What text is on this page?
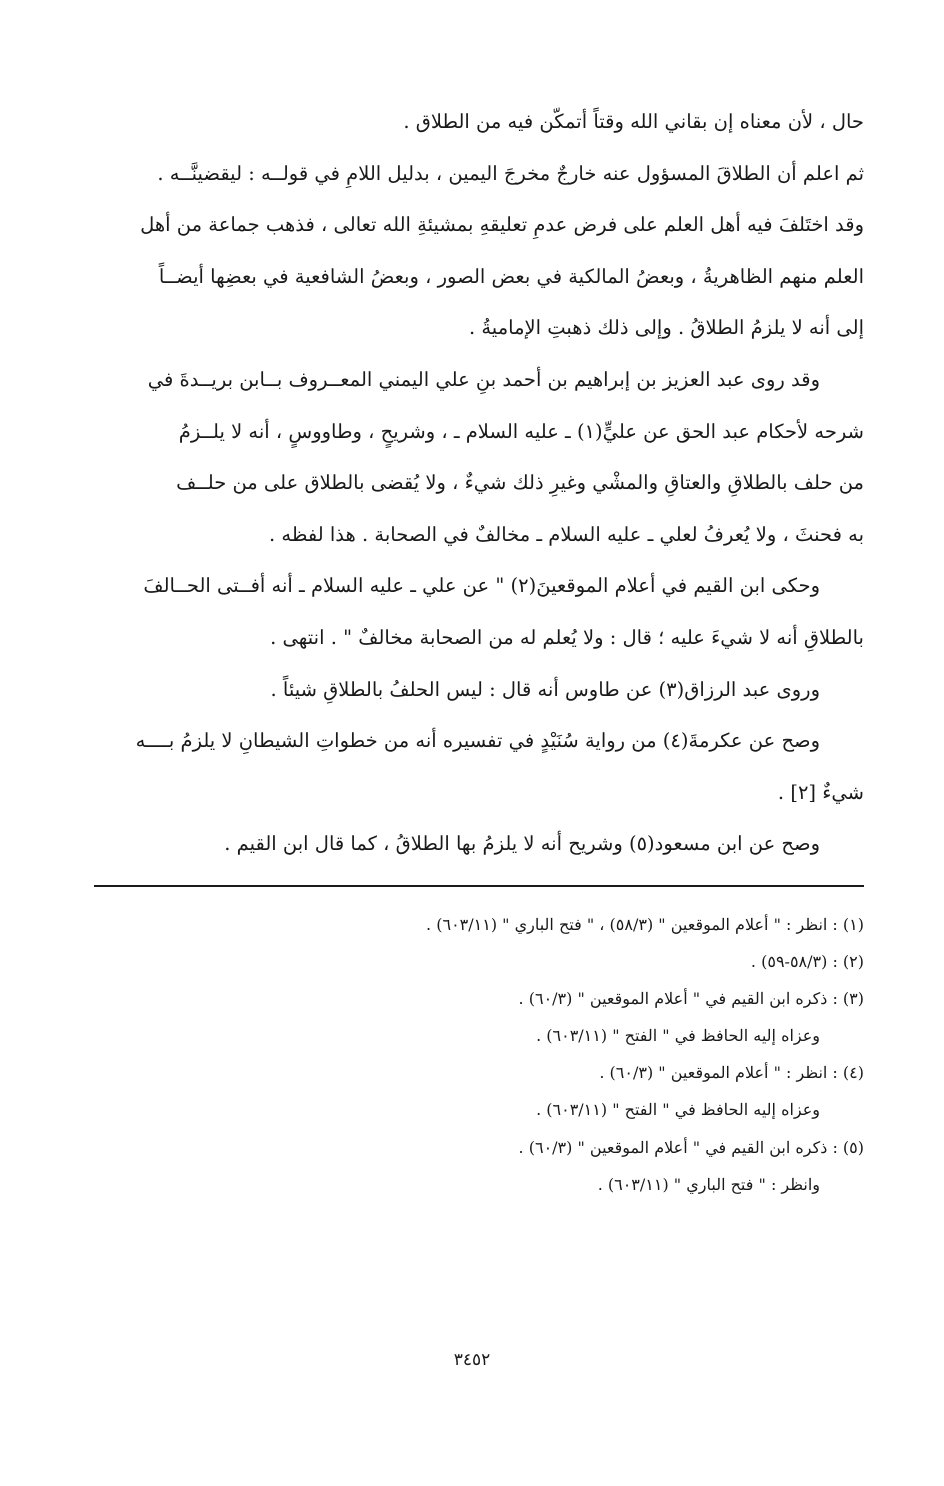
حال ، لأن معناه إن بقاني الله وقتاً أتمكّن فيه من الطلاق .
ثم اعلم أن الطلاقَ المسؤول عنه خارجٌ مخرجَ اليمين ، بدليل اللامِ في قولــه : ليقضينَّــه .
وقد اختَلفَ فيه أهل العلم على فرض عدمِ تعليقهِ بمشيئةِ الله تعالى ، فذهب جماعة من أهل
العلم منهم الظاهريةُ ، وبعضُ المالكية في بعض الصور ، وبعضُ الشافعية في بعضِها أيضــاً
إلى أنه لا يلزمُ الطلاقُ . وإلى ذلك ذهبتِ الإماميةُ .
وقد روى عبد العزيز بن إبراهيم بن أحمد بنِ علي اليمني المعــروف بــابن بريــدةَ في
شرحه لأحكام عبد الحق عن عليٍّ(١) ـ عليه السلام ـ ، وشريحٍ ، وطاووسٍ ، أنه لا يلــزمُ
من حلف بالطلاقِ والعتاقِ والمشْي وغيرِ ذلك شيءٌ ، ولا يُقضى بالطلاق على من حلــف
به فحنثَ ، ولا يُعرفُ لعلي ـ عليه السلام ـ مخالفٌ في الصحابة . هذا لفظه .
وحكى ابن القيم في أعلام الموقعينَ(٢) " عن علي ـ عليه السلام ـ أنه أفــتى الحــالفَ
بالطلاقِ أنه لا شيءَ عليه ؛ قال : ولا يُعلم له من الصحابة مخالفٌ " . انتهى .
وروى عبد الرزاق(٣) عن طاوس أنه قال : ليس الحلفُ بالطلاقِ شيئاً .
وصح عن عكرمةَ(٤) من رواية سُنَيْدٍ في تفسيره أنه من خطواتِ الشيطانِ لا يلزمُ بــــه
شيءٌ [٢] .
وصح عن ابن مسعود(٥) وشريح أنه لا يلزمُ بها الطلاقُ ، كما قال ابن القيم .
(١) : انظر : " أعلام الموقعين " (٥٨/٣) ، " فتح الباري " (٦٠٣/١١) .
(٢) : (٥٨/٣-٥٩) .
(٣) : ذكره ابن القيم في " أعلام الموقعين " (٦٠/٣) .
وعزاه إليه الحافظ في " الفتح " (٦٠٣/١١) .
(٤) : انظر : " أعلام الموقعين " (٦٠/٣) .
وعزاه إليه الحافظ في " الفتح " (٦٠٣/١١) .
(٥) : ذكره ابن القيم في " أعلام الموقعين " (٦٠/٣) .
وانظر : " فتح الباري " (٦٠٣/١١) .
٣٤٥٢
